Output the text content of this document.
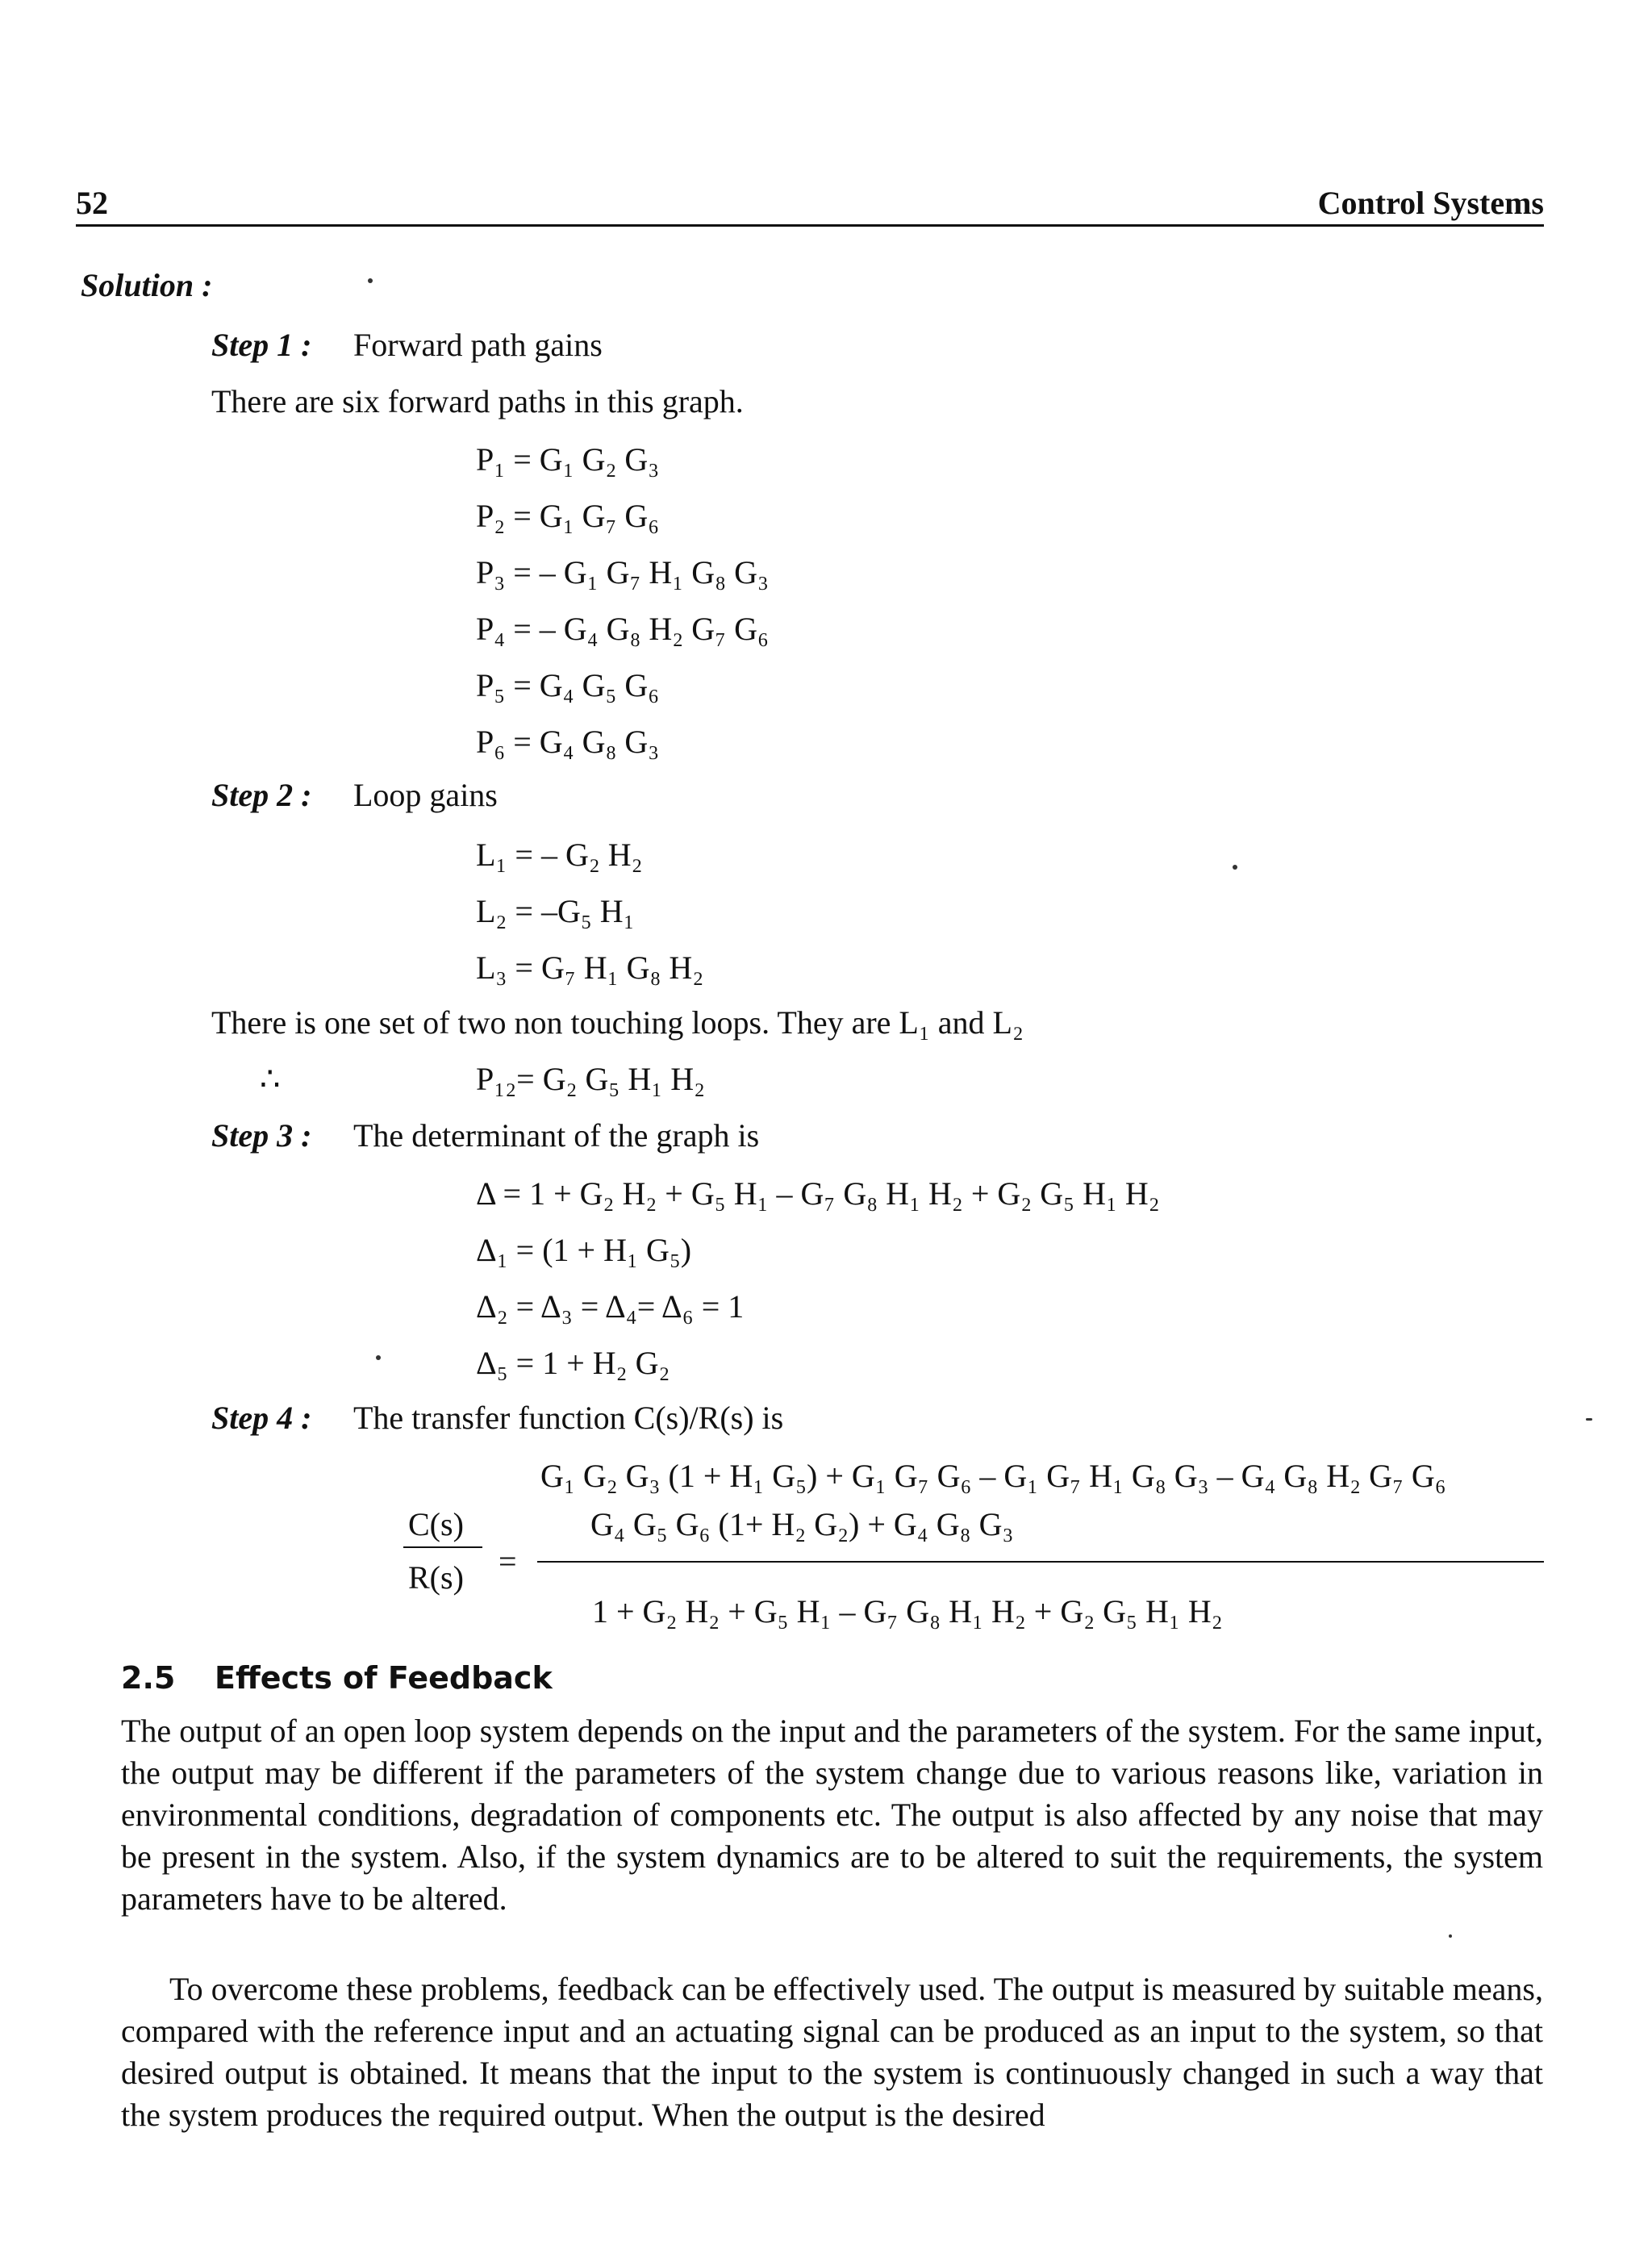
52	Control Systems
Solution :
Step 1 : Forward path gains
There are six forward paths in this graph.
P₁ = G₁ G₂ G₃
P₂ = G₁ G₇ G₆
P₃ = – G₁ G₇ H₁ G₈ G₃
P₄ = – G₄ G₈ H₂ G₇ G₆
P₅ = G₄ G₅ G₆
P₆ = G₄ G₈ G₃
Step 2 : Loop gains
L₁ = – G₂ H₂
L₂ = –G₅ H₁
L₃ = G₇ H₁ G₈ H₂
There is one set of two non touching loops. They are L₁ and L₂
∴	P₁₂= G₂ G₅ H₁ H₂
Step 3 : The determinant of the graph is
Δ = 1 + G₂ H₂ + G₅ H₁ – G₇ G₈ H₁ H₂ + G₂ G₅ H₁ H₂
Δ₁ = (1 + H₁ G₅)
Δ₂ = Δ₃ = Δ₄= Δ₆ = 1
Δ₅ = 1 + H₂ G₂
Step 4 : The transfer function C(s)/R(s) is
G₁ G₂ G₃ (1 + H₁ G₅) + G₁ G₇ G₆ – G₁ G₇ H₁ G₈ G₃ – G₄ G₈ H₂ G₇ G₆
C(s)	G₄ G₅ G₆ (1+ H₂ G₂) + G₄ G₈ G₃
=
R(s)
1 + G₂ H₂ + G₅ H₁ – G₇ G₈ H₁ H₂ + G₂ G₅ H₁ H₂
2.5 Effects of Feedback
The output of an open loop system depends on the input and the parameters of the system. For the same input, the output may be different if the parameters of the system change due to various reasons like, variation in environmental conditions, degradation of components etc. The output is also affected by any noise that may be present in the system. Also, if the system dynamics are to be altered to suit the requirements, the system parameters have to be altered.
To overcome these problems, feedback can be effectively used. The output is measured by suitable means, compared with the reference input and an actuating signal can be produced as an input to the system, so that desired output is obtained. It means that the input to the system is continuously changed in such a way that the system produces the required output. When the output is the desired
